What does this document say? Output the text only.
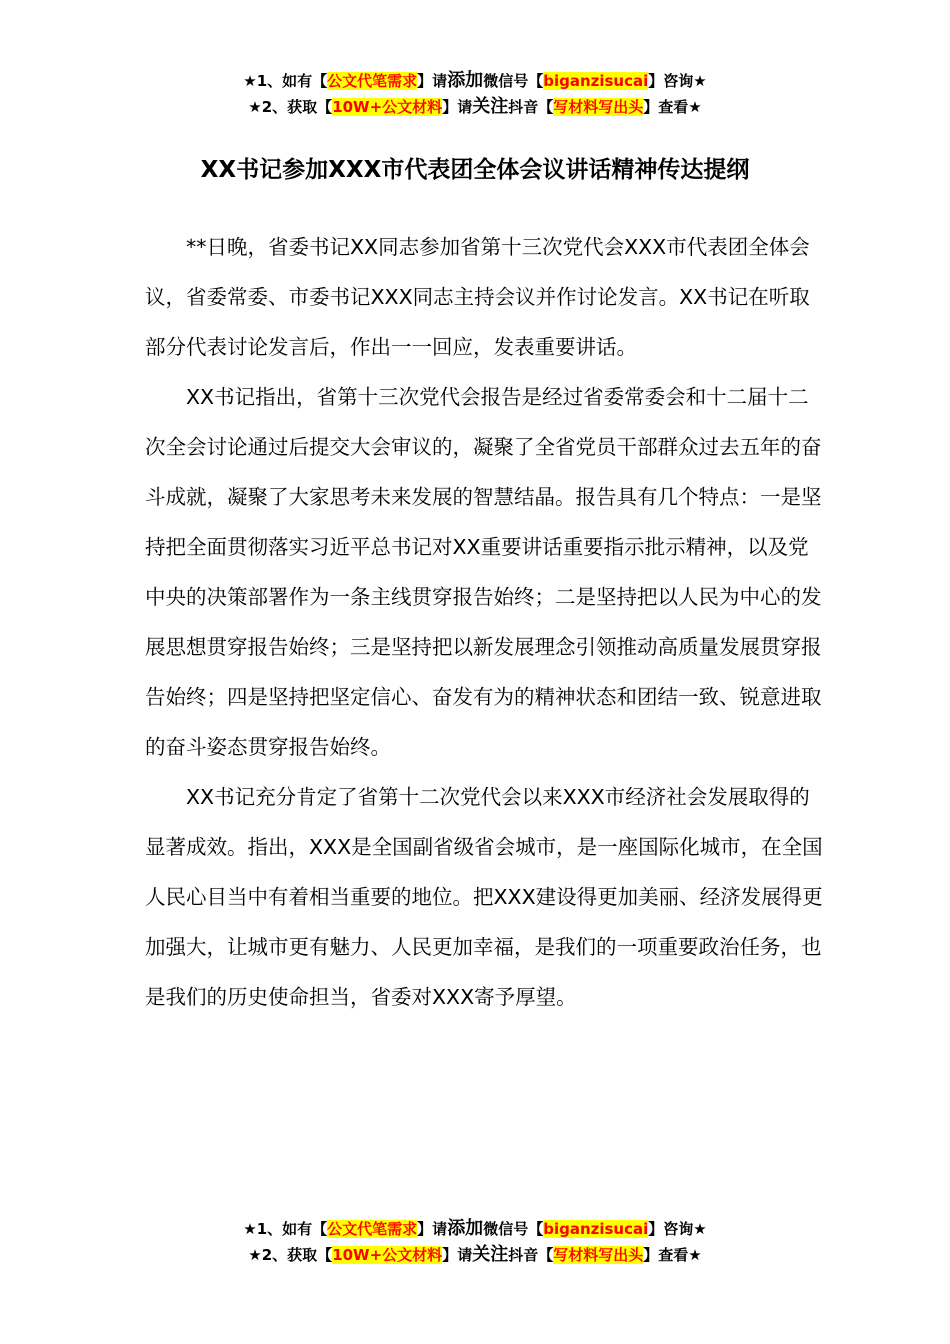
★1、如有【公文代笔需求】请添加微信号【biganzisucai】咨询★
★2、获取【10W+公文材料】请关注抖音【写材料写出头】查看★
XX书记参加XXX市代表团全体会议讲话精神传达提纲

**日晚，省委书记XX同志参加省第十三次党代会XXX市代表团全体会议，省委常委、市委书记XXX同志主持会议并作讨论发言。XX书记在听取部分代表讨论发言后，作出一一回应，发表重要讲话。

XX书记指出，省第十三次党代会报告是经过省委常委会和十二届十二次全会讨论通过后提交大会审议的，凝聚了全省党员干部群众过去五年的奋斗成就，凝聚了大家思考未来发展的智慧结晶。报告具有几个特点：一是坚持把全面贯彻落实习近平总书记对XX重要讲话重要指示批示精神，以及党中央的决策部署作为一条主线贯穿报告始终；二是坚持把以人民为中心的发展思想贯穿报告始终；三是坚持把以新发展理念引领推动高质量发展贯穿报告始终；四是坚持把坚定信心、奋发有为的精神状态和团结一致、锐意进取的奋斗姿态贯穿报告始终。

XX书记充分肯定了省第十二次党代会以来XXX市经济社会发展取得的显著成效。指出，XXX是全国副省级省会城市，是一座国际化城市，在全国人民心目当中有着相当重要的地位。把XXX建设得更加美丽、经济发展得更加强大，让城市更有魅力、人民更加幸福，是我们的一项重要政治任务，也是我们的历史使命担当，省委对XXX寄予厚望。

★1、如有【公文代笔需求】请添加微信号【biganzisucai】咨询★
★2、获取【10W+公文材料】请关注抖音【写材料写出头】查看★
